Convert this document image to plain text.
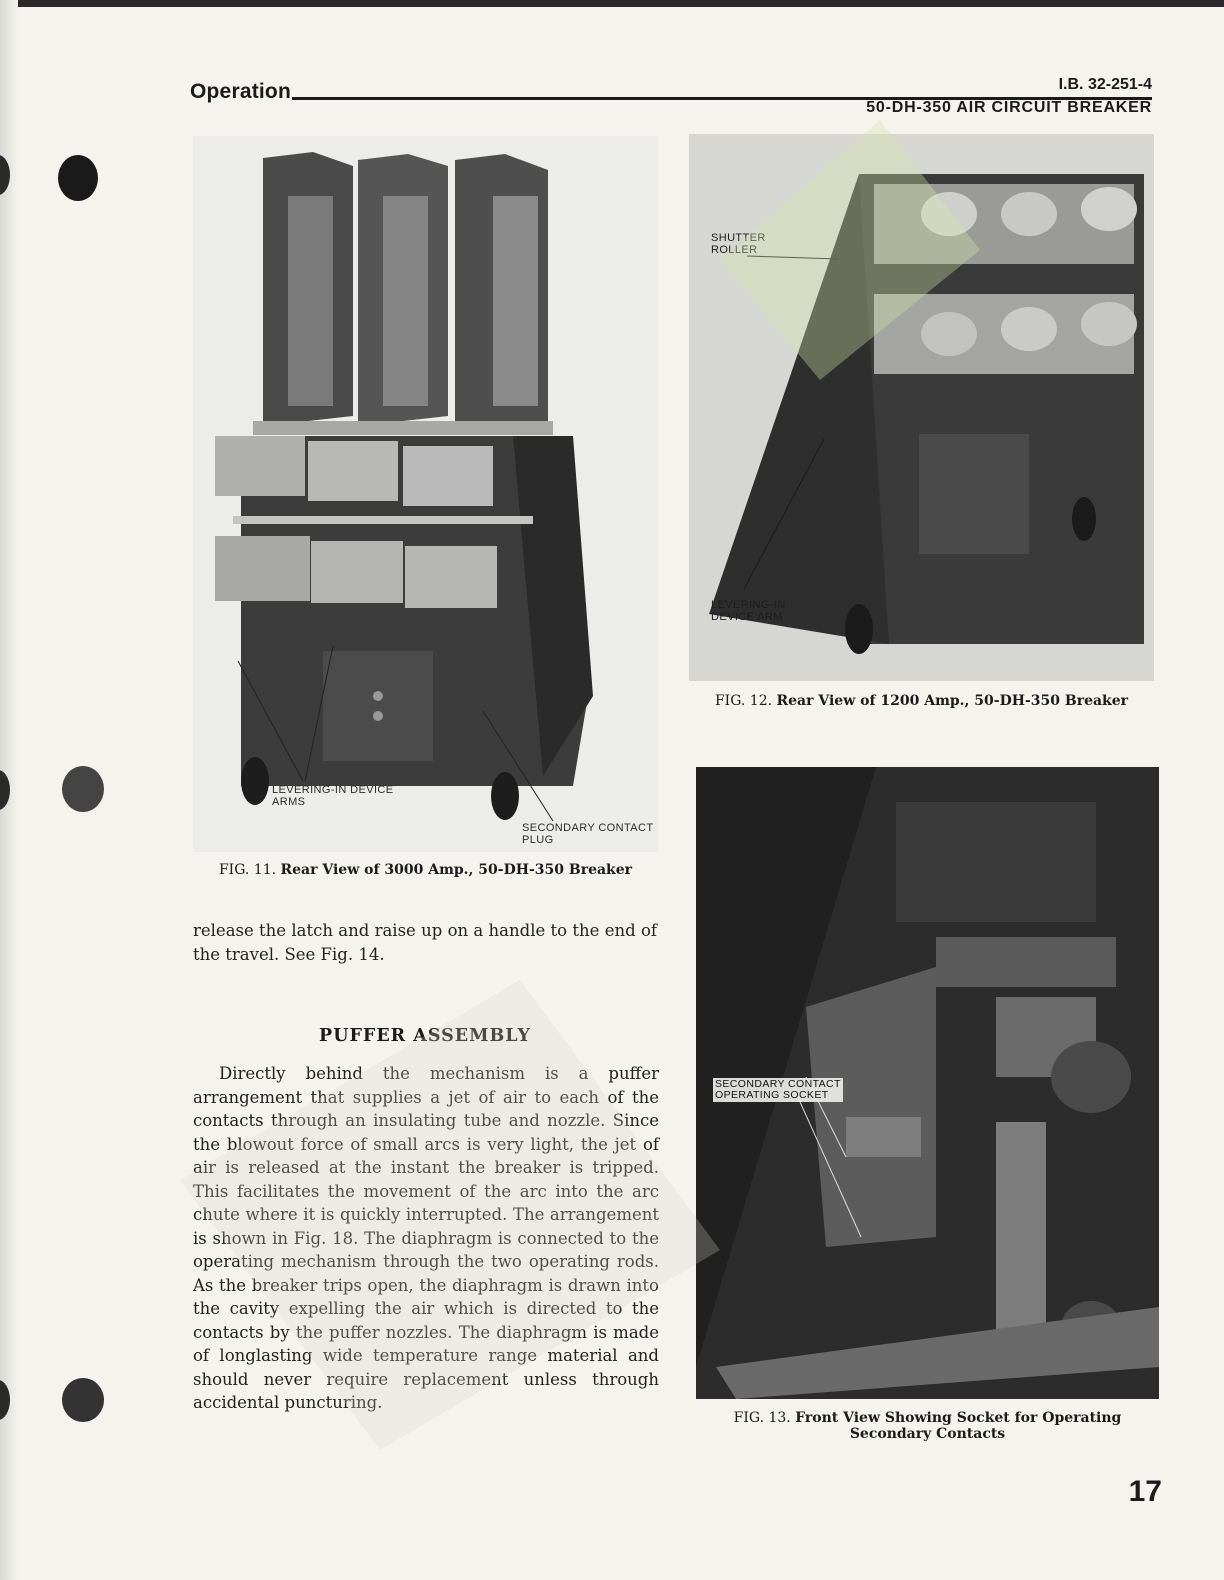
Operation	I.B. 32-251-4
50-DH-350 AIR CIRCUIT BREAKER
LEVERING-IN DEVICE
ARMS
SECONDARY CONTACT
PLUG
FIG. 11. Rear View of 3000 Amp., 50-DH-350 Breaker
SHUTTER
ROLLER
LEVERING-IN
DEVICE ARM
FIG. 12. Rear View of 1200 Amp., 50-DH-350 Breaker
SECONDARY CONTACT
OPERATING SOCKET
FIG. 13. Front View Showing Socket for Operating
Secondary Contacts
release the latch and raise up on a handle to the end of the travel. See Fig. 14.
PUFFER ASSEMBLY
Directly behind the mechanism is a puffer arrangement that supplies a jet of air to each of the contacts through an insulating tube and nozzle. Since the blowout force of small arcs is very light, the jet of air is released at the instant the breaker is tripped. This facilitates the movement of the arc into the arc chute where it is quickly interrupted. The arrangement is shown in Fig. 18. The diaphragm is connected to the operating mechanism through the two operating rods. As the breaker trips open, the diaphragm is drawn into the cavity expelling the air which is directed to the contacts by the puffer nozzles. The diaphragm is made of longlasting wide temperature range material and should never require replacement unless through accidental puncturing.
17
